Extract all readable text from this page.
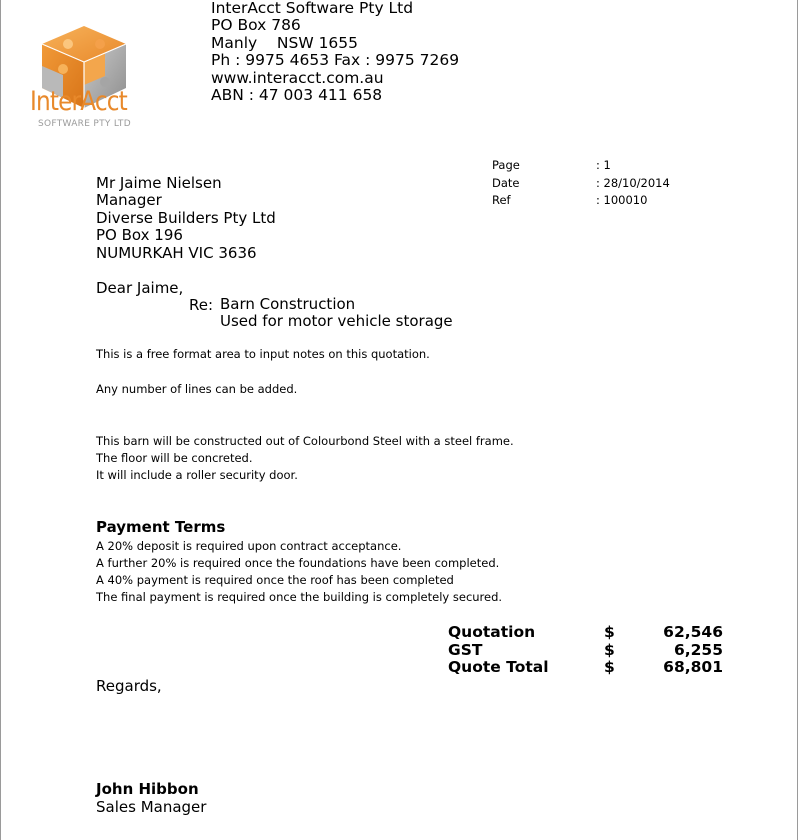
InterAcct
SOFTWARE PTY LTD
InterAcct Software Pty Ltd
PO Box 786
Manly    NSW 1655
Ph : 9975 4653 Fax : 9975 7269
www.interacct.com.au
ABN : 47 003 411 658
Page	: 1
Date	: 28/10/2014
Ref	: 100010
Mr Jaime Nielsen
Manager
Diverse Builders Pty Ltd
PO Box 196
NUMURKAH VIC 3636
Dear Jaime,
Re: Barn Construction
Used for motor vehicle storage
This is a free format area to input notes on this quotation.
Any number of lines can be added.
This barn will be constructed out of Colourbond Steel with a steel frame.
The floor will be concreted.
It will include a roller security door.
Payment Terms
A 20% deposit is required upon contract acceptance.
A further 20% is required once the foundations have been completed.
A 40% payment is required once the roof has been completed
The final payment is required once the building is completely secured.
Quotation	$	62,546
GST	$	6,255
Quote Total	$	68,801
Regards,
John Hibbon
Sales Manager
